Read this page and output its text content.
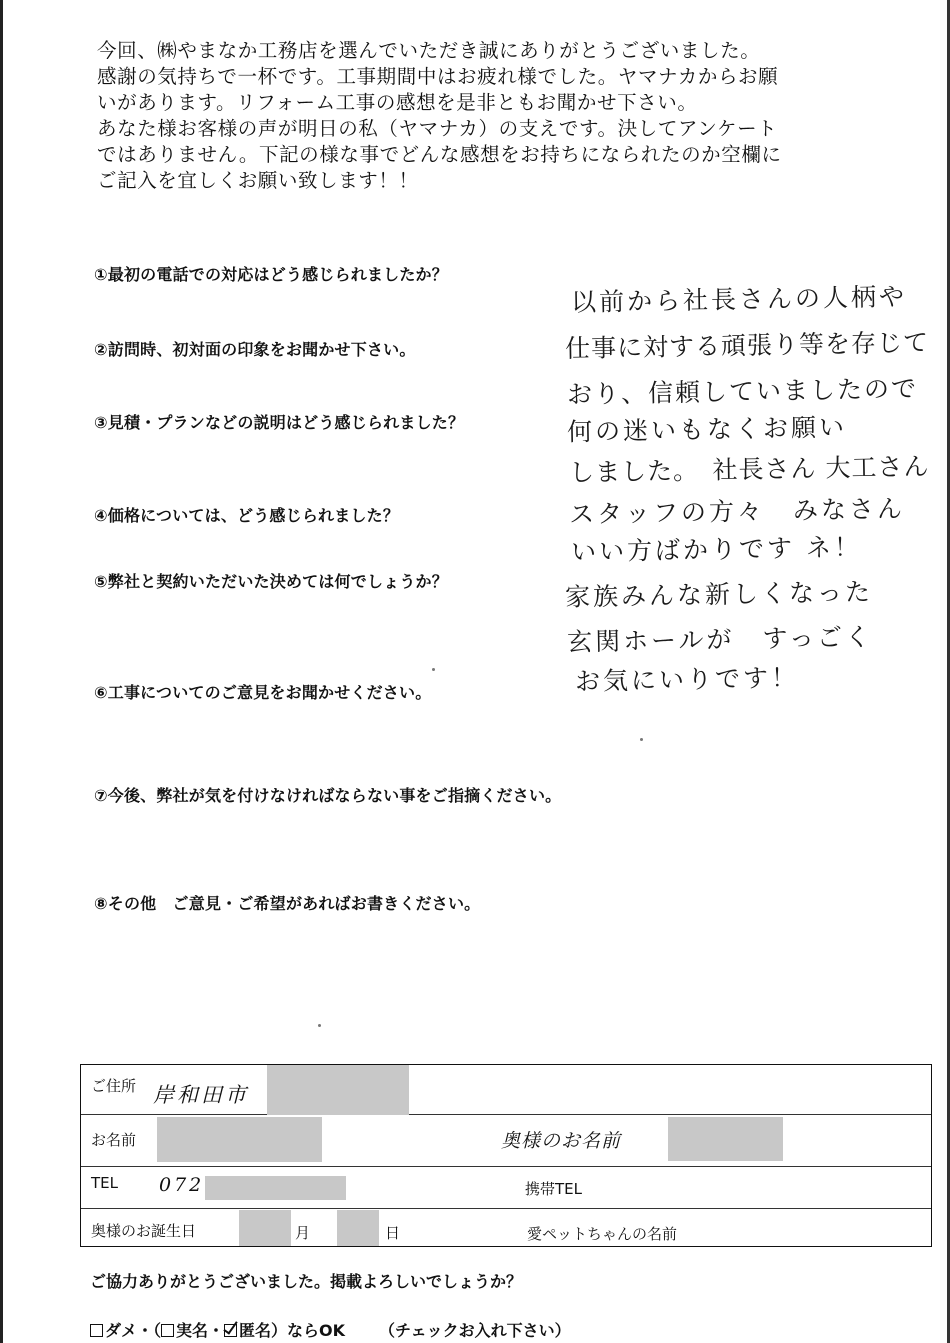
今回、㈱やまなか工務店を選んでいただき誠にありがとうございました。
感謝の気持ちで一杯です。工事期間中はお疲れ様でした。ヤマナカからお願
いがあります。リフォーム工事の感想を是非ともお聞かせ下さい。
あなた様お客様の声が明日の私（ヤマナカ）の支えです。決してアンケート
ではありません。下記の様な事でどんな感想をお持ちになられたのか空欄に
ご記入を宜しくお願い致します！！
①最初の電話での対応はどう感じられましたか？
②訪問時、初対面の印象をお聞かせ下さい。
③見積・プランなどの説明はどう感じられました？
④価格については、どう感じられました？
⑤弊社と契約いただいた決めては何でしょうか？
⑥工事についてのご意見をお聞かせください。
⑦今後、弊社が気を付けなければならない事をご指摘ください。
⑧その他　ご意見・ご希望があればお書きください。
以前から社長さんの人柄や
仕事に対する頑張り等を存じて
おり、信頼していましたので
何の迷いもなくお願い
しました。　社長さん 大工さん
スタッフの方々　みなさん
いい方ばかりです ネ！
家族みんな新しくなった
玄関ホールが　すっごく
お気にいりです！
ご住所 岸和田市
お名前	奥様のお名前
TEL 072	携帯TEL
奥様のお誕生日	月	日	愛ペットちゃんの名前
ご協力ありがとうございました。掲載よろしいでしょうか？
ダメ・（ 実名・ 匿名）ならOK （チェックお入れ下さい）
